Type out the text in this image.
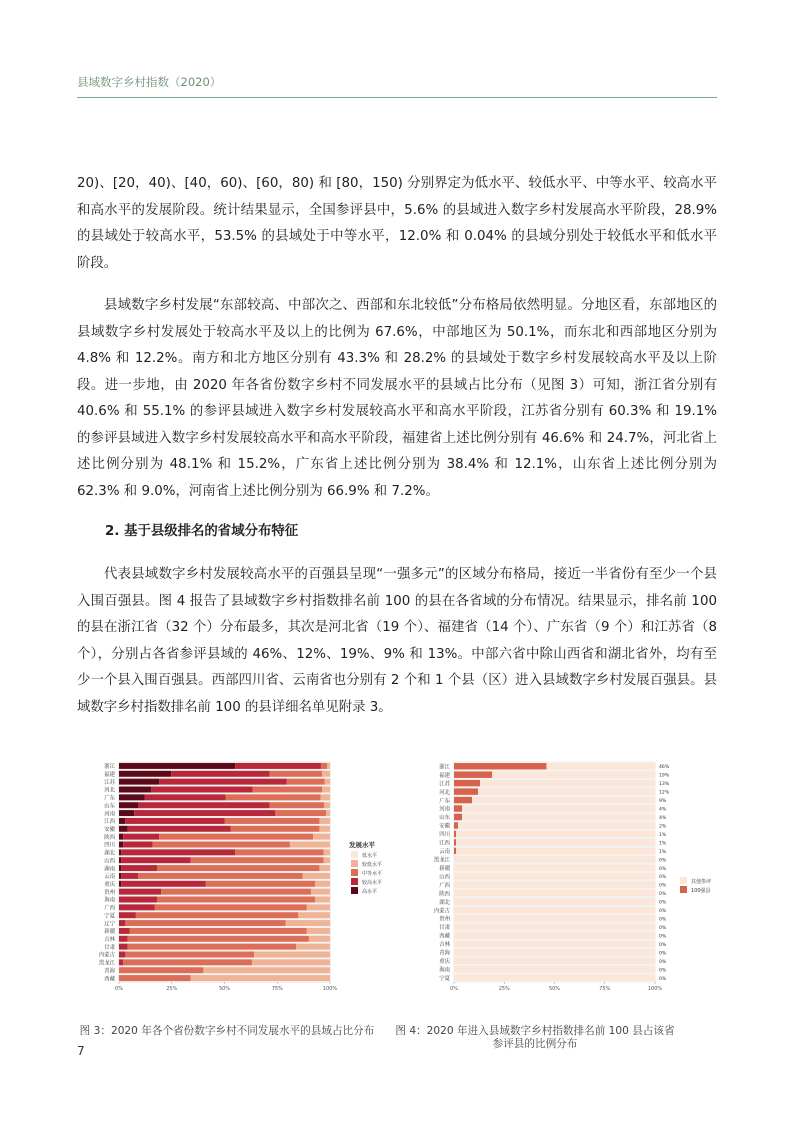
县域数字乡村指数（2020）
20)、[20，40)、[40，60)、[60，80) 和 [80，150) 分别界定为低水平、较低水平、中等水平、较高水平和高水平的发展阶段。统计结果显示，全国参评县中，5.6% 的县域进入数字乡村发展高水平阶段，28.9% 的县域处于较高水平，53.5% 的县域处于中等水平，12.0% 和 0.04% 的县域分别处于较低水平和低水平阶段。
县域数字乡村发展“东部较高、中部次之、西部和东北较低”分布格局依然明显。分地区看，东部地区的县域数字乡村发展处于较高水平及以上的比例为 67.6%，中部地区为 50.1%，而东北和西部地区分别为 4.8% 和 12.2%。南方和北方地区分别有 43.3% 和 28.2% 的县域处于数字乡村发展较高水平及以上阶段。进一步地，由 2020 年各省份数字乡村不同发展水平的县域占比分布（见图 3）可知，浙江省分别有 40.6% 和 55.1% 的参评县域进入数字乡村发展较高水平和高水平阶段，江苏省分别有 60.3% 和 19.1% 的参评县域进入数字乡村发展较高水平和高水平阶段，福建省上述比例分别有 46.6% 和 24.7%，河北省上述比例分别为 48.1% 和 15.2%，广东省上述比例分别为 38.4% 和 12.1%，山东省上述比例分别为 62.3% 和 9.0%，河南省上述比例分别为 66.9% 和 7.2%。
2. 基于县级排名的省域分布特征
代表县域数字乡村发展较高水平的百强县呈现“一强多元”的区域分布格局，接近一半省份有至少一个县入围百强县。图 4 报告了县域数字乡村指数排名前 100 的县在各省域的分布情况。结果显示，排名前 100 的县在浙江省（32 个）分布最多，其次是河北省（19 个）、福建省（14 个）、广东省（9 个）和江苏省（8 个），分别占各省参评县域的 46%、12%、19%、9% 和 13%。中部六省中除山西省和湖北省外，均有至少一个县入围百强县。西部四川省、云南省也分别有 2 个和 1 个县（区）进入县域数字乡村发展百强县。县域数字乡村指数排名前 100 的县详细名单见附录 3。
浙江
福建
江苏
河北
广东
山东
河南
江西
安徽
陕西
四川
湖北
山西
湖南
云南
重庆
贵州
海南
广西
宁夏
辽宁
新疆
吉林
甘肃
内蒙古
黑龙江
青海
西藏
0%	25%	50%	75%	100%
发展水平
低水平
较低水平
中等水平
较高水平
高水平
图 3：2020 年各个省份数字乡村不同发展水平的县域占比分布
浙江	46%
福建	19%
江苏	13%
河北	12%
广东	9%
河南	4%
山东	4%
安徽	2%
四川	1%
江西	1%
云南	1%
黑龙江	0%
新疆	0%
山西	0%
广西	0%
陕西	0%
湖北	0%
内蒙古	0%
贵州	0%
甘肃	0%
西藏	0%
吉林	0%
青海	0%
重庆	0%
海南	0%
宁夏	0%
0%	25%	50%	75%	100%
其他参评
100强县
图 4：2020 年进入县域数字乡村指数排名前 100 县占该省参评县的比例分布
7
